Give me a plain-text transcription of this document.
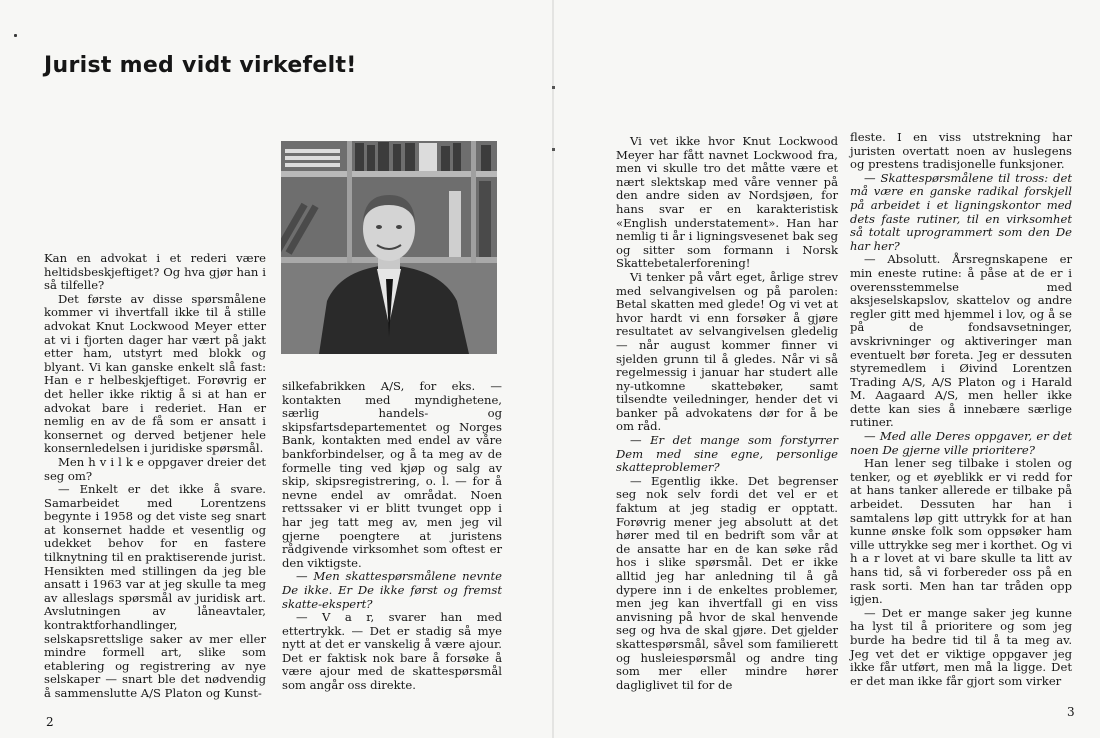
Jurist med vidt virkefelt!

Kan en advokat i et rederi være heltidsbeskjeftiget? Og hva gjør han i så tilfelle?

Det første av disse spørsmålene kommer vi ihvertfall ikke til å stille advokat Knut Lockwood Meyer etter at vi i fjorten dager har vært på jakt etter ham, utstyrt med blokk og blyant. Vi kan ganske enkelt slå fast: Han e r helbeskjeftiget. Forøvrig er det heller ikke riktig å si at han er advokat bare i rederiet. Han er nemlig en av de få som er ansatt i konsernet og derved betjener hele konsernledelsen i juridiske spørsmål.

Men h v i l k e oppgaver dreier det seg om?

— Enkelt er det ikke å svare. Samarbeidet med Lorentzens begynte i 1958 og det viste seg snart at konsernet hadde et vesentlig og udekket behov for en fastere tilknytning til en praktiserende jurist. Hensikten med stillingen da jeg ble ansatt i 1963 var at jeg skulle ta meg av alleslags spørsmål av juridisk art. Avslutningen av låneavtaler, kontraktforhandlinger, selskapsrettslige saker av mer eller mindre formell art, slike som etablering og registrering av nye selskaper — snart ble det nødvendig å sammenslutte A/S Platon og Kunst-

silkefabrikken A/S, for eks. — kontakten med myndighetene, særlig handels- og skipsfartsdepartementet og Norges Bank, kontakten med endel av våre bankforbindelser, og å ta meg av de formelle ting ved kjøp og salg av skip, skipsregistrering, o. l. — for å nevne endel av områdat. Noen rettssaker vi er blitt tvunget opp i har jeg tatt meg av, men jeg vil gjerne poengtere at juristens rådgivende virksomhet som oftest er den viktigste.

— Men skattespørsmålene nevnte De ikke. Er De ikke først og fremst skatte-ekspert?

— V a r, svarer han med ettertrykk. — Det er stadig så mye nytt at det er vanskelig å være ajour. Det er faktisk nok bare å forsøke å være ajour med de skattespørsmål som angår oss direkte.

Vi vet ikke hvor Knut Lockwood Meyer har fått navnet Lockwood fra, men vi skulle tro det måtte være et nært slektskap med våre venner på den andre siden av Nordsjøen, for hans svar er en karakteristisk «English understatement». Han har nemlig ti år i ligningsvesenet bak seg og sitter som formann i Norsk Skattebetalerforening!

Vi tenker på vårt eget, årlige strev med selvangivelsen og på parolen: Betal skatten med glede! Og vi vet at hvor hardt vi enn forsøker å gjøre resultatet av selvangivelsen gledelig — når august kommer finner vi sjelden grunn til å gledes. Når vi så regelmessig i januar har studert alle ny-utkomne skattebøker, samt tilsendte veiledninger, hender det vi banker på advokatens dør for å be om råd.

— Er det mange som forstyrrer Dem med sine egne, personlige skatteproblemer?

— Egentlig ikke. Det begrenser seg nok selv fordi det vel er et faktum at jeg stadig er opptatt. Forøvrig mener jeg absolutt at det hører med til en bedrift som vår at de ansatte har en de kan søke råd hos i slike spørsmål. Det er ikke alltid jeg har anledning til å gå dypere inn i de enkeltes problemer, men jeg kan ihvertfall gi en viss anvisning på hvor de skal henvende seg og hva de skal gjøre. Det gjelder skattespørsmål, såvel som familierett og husleiespørsmål og andre ting som mer eller mindre hører dagliglivet til for de

fleste. I en viss utstrekning har juristen overtatt noen av huslegens og prestens tradisjonelle funksjoner.

— Skattespørsmålene til tross: det må være en ganske radikal forskjell på arbeidet i et ligningskontor med dets faste rutiner, til en virksomhet så totalt uprogrammert som den De har her?

— Absolutt. Årsregnskapene er min eneste rutine: å påse at de er i overensstemmelse med aksjeselskapslov, skattelov og andre regler gitt med hjemmel i lov, og å se på de fondsavsetninger, avskrivninger og aktiveringer man eventuelt bør foreta. Jeg er dessuten styremedlem i Øivind Lorentzen Trading A/S, A/S Platon og i Harald M. Aagaard A/S, men heller ikke dette kan sies å innebære særlige rutiner.

— Med alle Deres oppgaver, er det noen De gjerne ville prioritere?

Han lener seg tilbake i stolen og tenker, og et øyeblikk er vi redd for at hans tanker allerede er tilbake på arbeidet. Dessuten har han i samtalens løp gitt uttrykk for at han kunne ønske folk som oppsøker ham ville uttrykke seg mer i korthet. Og vi h a r lovet at vi bare skulle ta litt av hans tid, så vi forbereder oss på en rask sorti. Men han tar tråden opp igjen.

— Det er mange saker jeg kunne ha lyst til å prioritere og som jeg burde ha bedre tid til å ta meg av. Jeg vet det er viktige oppgaver jeg ikke får utført, men må la ligge. Det er det man ikke får gjort som virker

2
3
